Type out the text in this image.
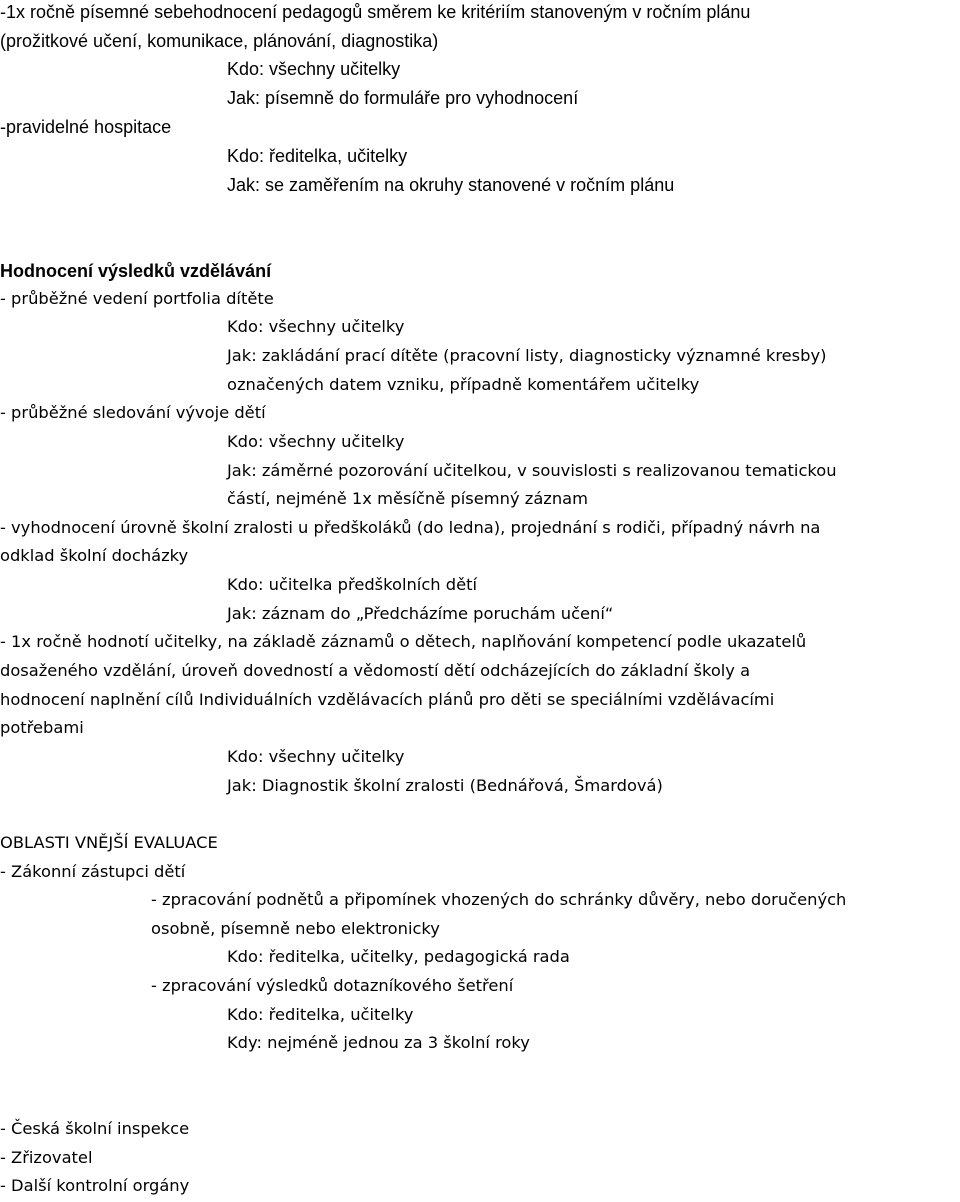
-1x ročně písemné sebehodnocení pedagogů směrem ke kritériím stanoveným v ročním plánu
(prožitkové učení, komunikace, plánování, diagnostika)
Kdo: všechny učitelky
Jak: písemně do formuláře pro vyhodnocení
-pravidelné hospitace
Kdo: ředitelka, učitelky
Jak: se zaměřením na okruhy stanovené v ročním plánu
Hodnocení výsledků vzdělávání
- průběžné vedení portfolia dítěte
Kdo: všechny učitelky
Jak: zakládání prací dítěte (pracovní listy, diagnosticky významné kresby)
označených datem vzniku, případně komentářem učitelky
- průběžné sledování vývoje dětí
Kdo: všechny učitelky
Jak: záměrné pozorování učitelkou, v souvislosti s realizovanou tematickou
částí, nejméně 1x měsíčně písemný záznam
- vyhodnocení úrovně školní zralosti u předškoláků (do ledna), projednání s rodiči, případný návrh na
odklad školní docházky
Kdo: učitelka předškolních dětí
Jak: záznam do „Předcházíme poruchám učení“
- 1x ročně hodnotí učitelky, na základě záznamů o dětech, naplňování kompetencí podle ukazatelů
dosaženého vzdělání, úroveň dovedností a vědomostí dětí odcházejících do základní školy a
hodnocení naplnění cílů Individuálních vzdělávacích plánů pro děti se speciálními vzdělávacími
potřebami
Kdo: všechny učitelky
Jak: Diagnostik školní zralosti (Bednářová, Šmardová)
OBLASTI VNĚJŠÍ EVALUACE
- Zákonní zástupci dětí
- zpracování podnětů a připomínek vhozených do schránky důvěry, nebo doručených
osobně, písemně nebo elektronicky
Kdo: ředitelka, učitelky, pedagogická rada
- zpracování výsledků dotazníkového šetření
Kdo: ředitelka, učitelky
Kdy: nejméně jednou za 3 školní roky
- Česká školní inspekce
- Zřizovatel
- Další kontrolní orgány
